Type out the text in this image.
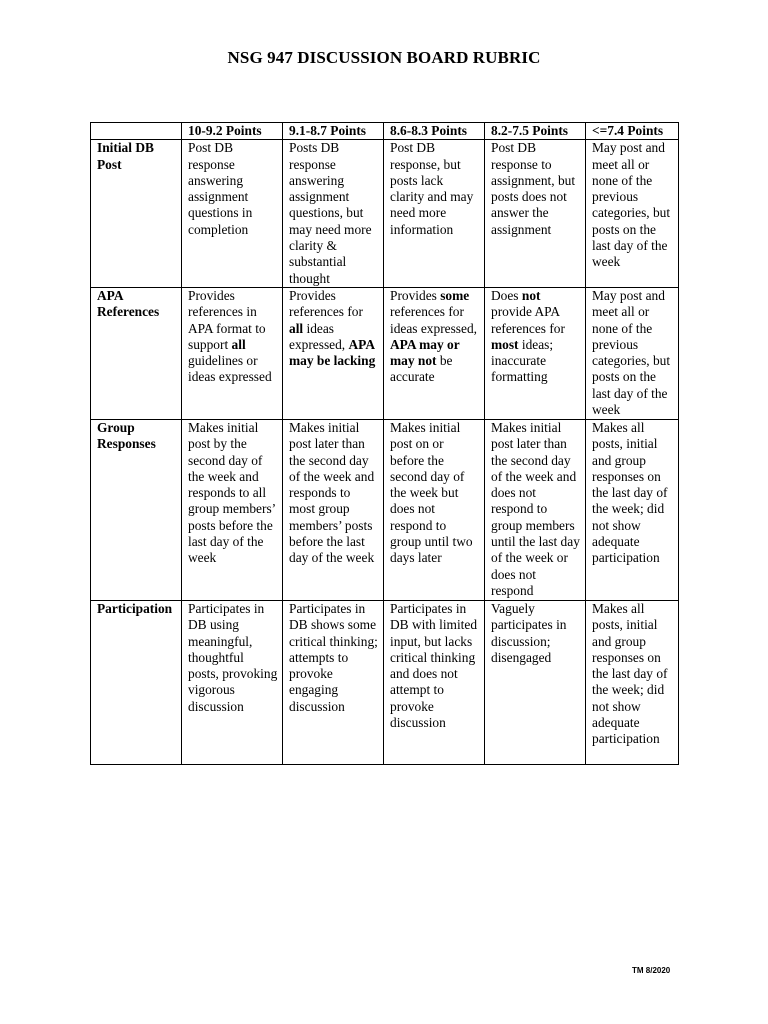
NSG 947 DISCUSSION BOARD RUBRIC
	10-9.2 Points	9.1-8.7 Points	8.6-8.3 Points	8.2-7.5 Points	<=7.4 Points
Initial DB Post	Post DB response answering assignment questions in completion	Posts DB response answering assignment questions, but may need more clarity & substantial thought	Post DB response, but posts lack clarity and may need more information	Post DB response to assignment, but posts does not answer the assignment	May post and meet all or none of the previous categories, but posts on the last day of the week
APA References	Provides references in APA format to support all guidelines or ideas expressed	Provides references for all ideas expressed, APA may be lacking	Provides some references for ideas expressed, APA may or may not be accurate	Does not provide APA references for most ideas; inaccurate formatting	May post and meet all or none of the previous categories, but posts on the last day of the week
Group Responses	Makes initial post by the second day of the week and responds to all group members’ posts before the last day of the week	Makes initial post later than the second day of the week and responds to most group members’ posts before the last day of the week	Makes initial post on or before the second day of the week but does not respond to group until two days later	Makes initial post later than the second day of the week and does not respond to group members until the last day of the week or does not respond	Makes all posts, initial and group responses on the last day of the week; did not show adequate participation
Participation	Participates in DB using meaningful, thoughtful posts, provoking vigorous discussion	Participates in DB shows some critical thinking; attempts to provoke engaging discussion	Participates in DB with limited input, but lacks critical thinking and does not attempt to provoke discussion	Vaguely participates in discussion; disengaged	Makes all posts, initial and group responses on the last day of the week; did not show adequate participation
TM 8/2020
